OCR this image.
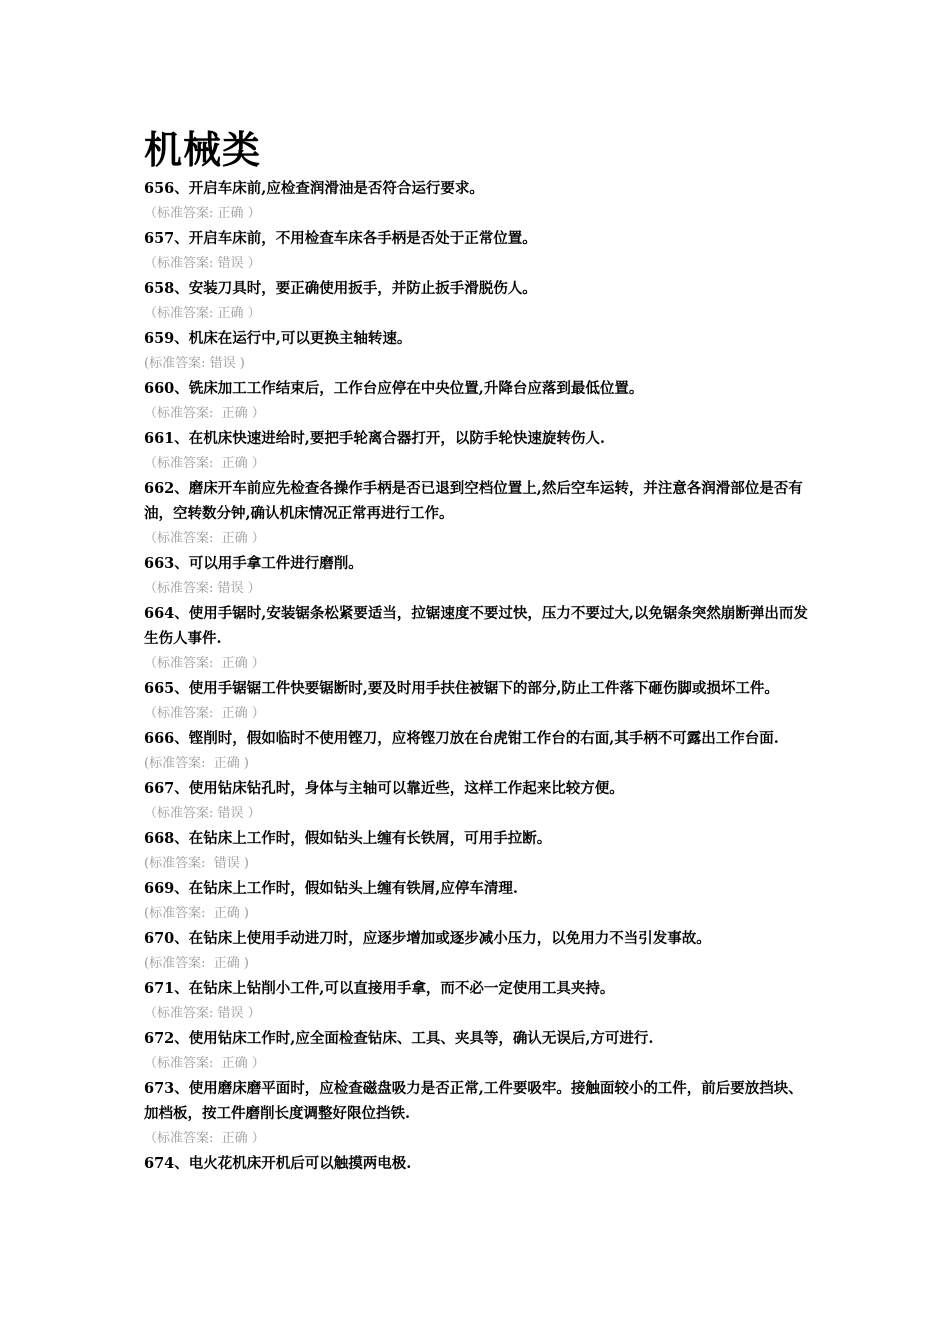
机械类

656、开启车床前,应检查润滑油是否符合运行要求。

（标准答案: 正确 ）

657、开启车床前，不用检查车床各手柄是否处于正常位置。

（标准答案: 错误 ）

658、安装刀具时，要正确使用扳手，并防止扳手滑脱伤人。

（标准答案: 正确 ）

659、机床在运行中,可以更换主轴转速。

(标准答案: 错误 )

660、铣床加工工作结束后，工作台应停在中央位置,升降台应落到最低位置。

（标准答案:  正确 ）

661、在机床快速进给时,要把手轮离合器打开，以防手轮快速旋转伤人.

（标准答案:  正确 ）

662、磨床开车前应先检查各操作手柄是否已退到空档位置上,然后空车运转，并注意各润滑部位是否有油，空转数分钟,确认机床情况正常再进行工作。

（标准答案:  正确 ）

663、可以用手拿工件进行磨削。

（标准答案: 错误 ）

664、使用手锯时,安装锯条松紧要适当，拉锯速度不要过快，压力不要过大,以免锯条突然崩断弹出而发生伤人事件.

（标准答案:  正确 ）

665、使用手锯锯工件快要锯断时,要及时用手扶住被锯下的部分,防止工件落下砸伤脚或损坏工件。

（标准答案:  正确 ）

666、铿削时，假如临时不使用铿刀，应将铿刀放在台虎钳工作台的右面,其手柄不可露出工作台面.

(标准答案:  正确 )

667、使用钻床钻孔时，身体与主轴可以靠近些，这样工作起来比较方便。

（标准答案: 错误 ）

668、在钻床上工作时，假如钻头上缠有长铁屑，可用手拉断。

(标准答案:  错误 )

669、在钻床上工作时，假如钻头上缠有铁屑,应停车清理.

(标准答案:  正确 )

670、在钻床上使用手动进刀时，应逐步增加或逐步减小压力，以免用力不当引发事故。

(标准答案:  正确 )

671、在钻床上钻削小工件,可以直接用手拿，而不必一定使用工具夹持。

（标准答案: 错误 ）

672、使用钻床工作时,应全面检查钻床、工具、夹具等，确认无误后,方可进行.

（标准答案:  正确 ）

673、使用磨床磨平面时，应检查磁盘吸力是否正常,工件要吸牢。接触面较小的工件，前后要放挡块、加档板，按工件磨削长度调整好限位挡铁.

（标准答案:  正确 ）

674、电火花机床开机后可以触摸两电极.
